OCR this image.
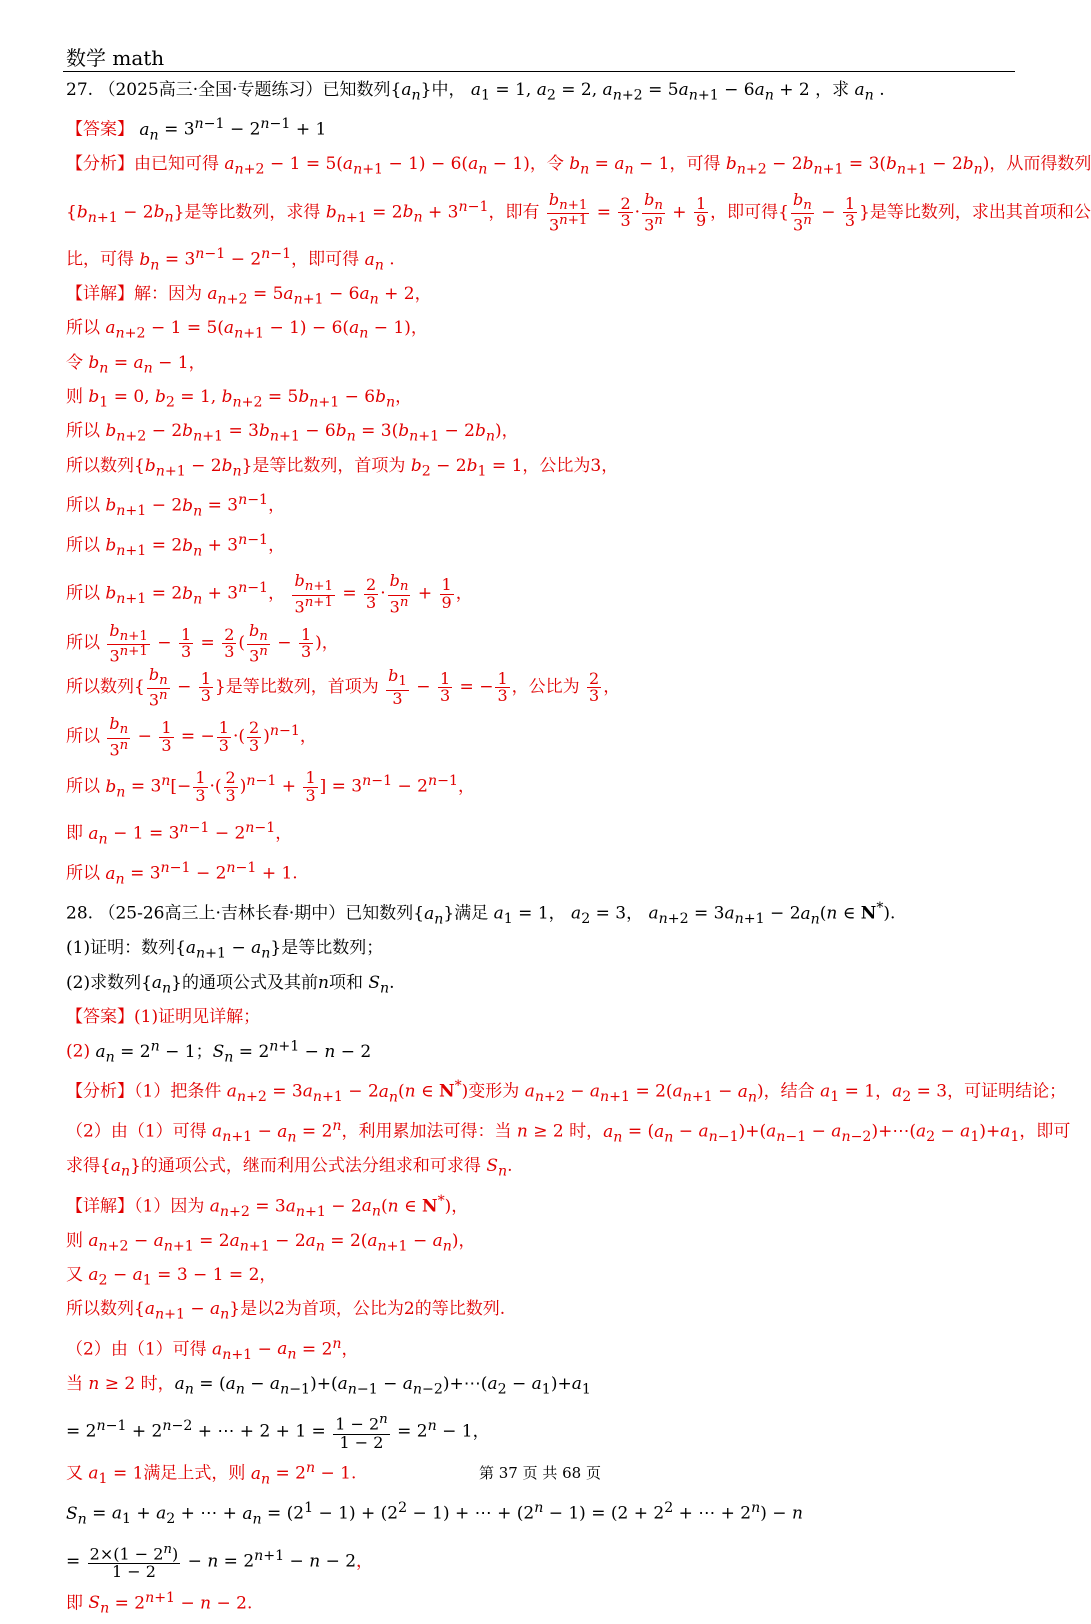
数学 math
27. （2025高三·全国·专题练习）已知数列$\{a_n\}$中， $a_1 = 1$, $a_2 = 2$, $a_{n+2} = 5a_{n+1} - 6a_n + 2$ ，求 $a_n$ .
【答案】 $a_n = 3^{n-1} - 2^{n-1} + 1$
【分析】由已知可得 $a_{n+2} - 1 = 5(a_{n+1} - 1) - 6(a_n - 1)$，令 $b_n = a_n - 1$，可得 $b_{n+2} - 2b_{n+1} = 3(b_{n+1} - 2b_n)$，从而得数列
$\{b_{n+1} - 2b_n\}$是等比数列，求得 $b_{n+1} = 2b_n + 3^{n-1}$，即有 $\frac{b_{n+1}}{3^{n+1}} = \frac{2}{3} \cdot \frac{b_n}{3^n} + \frac{1}{9}$ ，即可得{ $\frac{b_n}{3^n} - \frac{1}{3}$ }是等比数列，求出其首项和公
比，可得 $b_n = 3^{n-1} - 2^{n-1}$，即可得 $a_n$ .
【详解】解：因为 $a_{n+2} = 5a_{n+1} - 6a_n + 2$，
所以 $a_{n+2} - 1 = 5(a_{n+1} - 1) - 6(a_n - 1)$，
令 $b_n = a_n - 1$，
则 $b_1 = 0$, $b_2 = 1$, $b_{n+2} = 5b_{n+1} - 6b_n$，
所以 $b_{n+2} - 2b_{n+1} = 3b_{n+1} - 6b_n = 3(b_{n+1} - 2b_n)$，
所以数列$\{b_{n+1} - 2b_n\}$是等比数列，首项为 $b_2 - 2b_1 = 1$，公比为3，
所以 $b_{n+1} - 2b_n = 3^{n-1}$，
所以 $b_{n+1} = 2b_n + 3^{n-1}$，
所以 $b_{n+1} = 2b_n + 3^{n-1}$， $\frac{b_{n+1}}{3^{n+1}} = \frac{2}{3} \cdot \frac{b_n}{3^n} + \frac{1}{9}$ ，
所以 $\frac{b_{n+1}}{3^{n+1}} - \frac{1}{3} = \frac{2}{3}$ ( $\frac{b_n}{3^n} - \frac{1}{3}$ )，
所以数列{ $\frac{b_n}{3^n} - \frac{1}{3}$ }是等比数列，首项为 $\frac{b_1}{3} - \frac{1}{3}$ = − $\frac{1}{3}$ ，公比为 $\frac{2}{3}$ ，
所以 $\frac{b_n}{3^n} - \frac{1}{3}$ = − $\frac{1}{3}$ ·( $\frac{2}{3} )^{n-1}$，
所以 $b_n = 3^n[- \frac{1}{3}$ ·( $\frac{2}{3} )^{n-1} + \frac{1}{3}$ ] = $3^{n-1} - 2^{n-1}$，
即 $a_n - 1 = 3^{n-1} - 2^{n-1}$，
所以 $a_n = 3^{n-1} - 2^{n-1} + 1$.
28. （25-26高三上·吉林长春·期中）已知数列$\{a_n\}$满足 $a_1 = 1$， $a_2 = 3$， $a_{n+2} = 3a_{n+1} - 2a_n(n$ ∈ N*).
(1)证明：数列$\{a_{n+1} - a_n\}$是等比数列；
(2)求数列$\{a_n\}$的通项公式及其前n项和 $S_n$.
【答案】(1)证明见详解；
(2) $a_n = 2^n - 1$；$S_n = 2^{n+1} - n - 2$
【分析】（1）把条件 $a_{n+2} = 3a_{n+1} - 2a_n(n$ ∈ N*)变形为 $a_{n+2} - a_{n+1} = 2(a_{n+1} - a_n)$，结合 $a_1 = 1$，$a_2 = 3$，可证明结论；
（2）由（1）可得 $a_{n+1} - a_n = 2^n$，利用累加法可得：当 n ≥ 2 时，$a_n = (a_n - a_{n-1})+(a_{n-1}$ − $a_{n-2})+\cdots(a_2 - a_1)+a_1$，即可
求得$\{a_n\}$的通项公式，继而利用公式法分组求和可求得 $S_n$.
【详解】（1）因为 $a_{n+2} = 3a_{n+1} - 2a_n(n$ ∈ N*)，
则 $a_{n+2} - a_{n+1} = 2a_{n+1} - 2a_n = 2(a_{n+1} - a_n)$，
又 $a_2 - a_1 = 3 - 1 = 2$，
所以数列$\{a_{n+1} - a_n\}$是以2为首项，公比为2的等比数列.
（2）由（1）可得 $a_{n+1} - a_n = 2^n$，
当 n ≥ 2 时，$a_n = (a_n - a_{n-1})+(a_{n-1}$ − $a_{n-2})+\cdots(a_2 - a_1)+a_1$
= $2^{n-1} + 2^{n-2}$ + ⋯ + $2 + 1 = \frac{1 - 2^n}{1 - 2} = 2^n - 1$，
又 $a_1 = 1$满足上式，则 $a_n = 2^n - 1$.
$S_n = a_1 + a_2$ + ⋯ + $a_n = (2^1 - 1) + (2^2 - 1)$ + ⋯ + $(2^n - 1) = (2 + 2^2$ + ⋯ + $2^n) - n$
= $\frac{2\times(1 - 2^n)}{1 - 2} - n = 2^{n+1} - n - 2$，
即 $S_n = 2^{n+1} - n - 2$.
第 37 页 共 68 页
